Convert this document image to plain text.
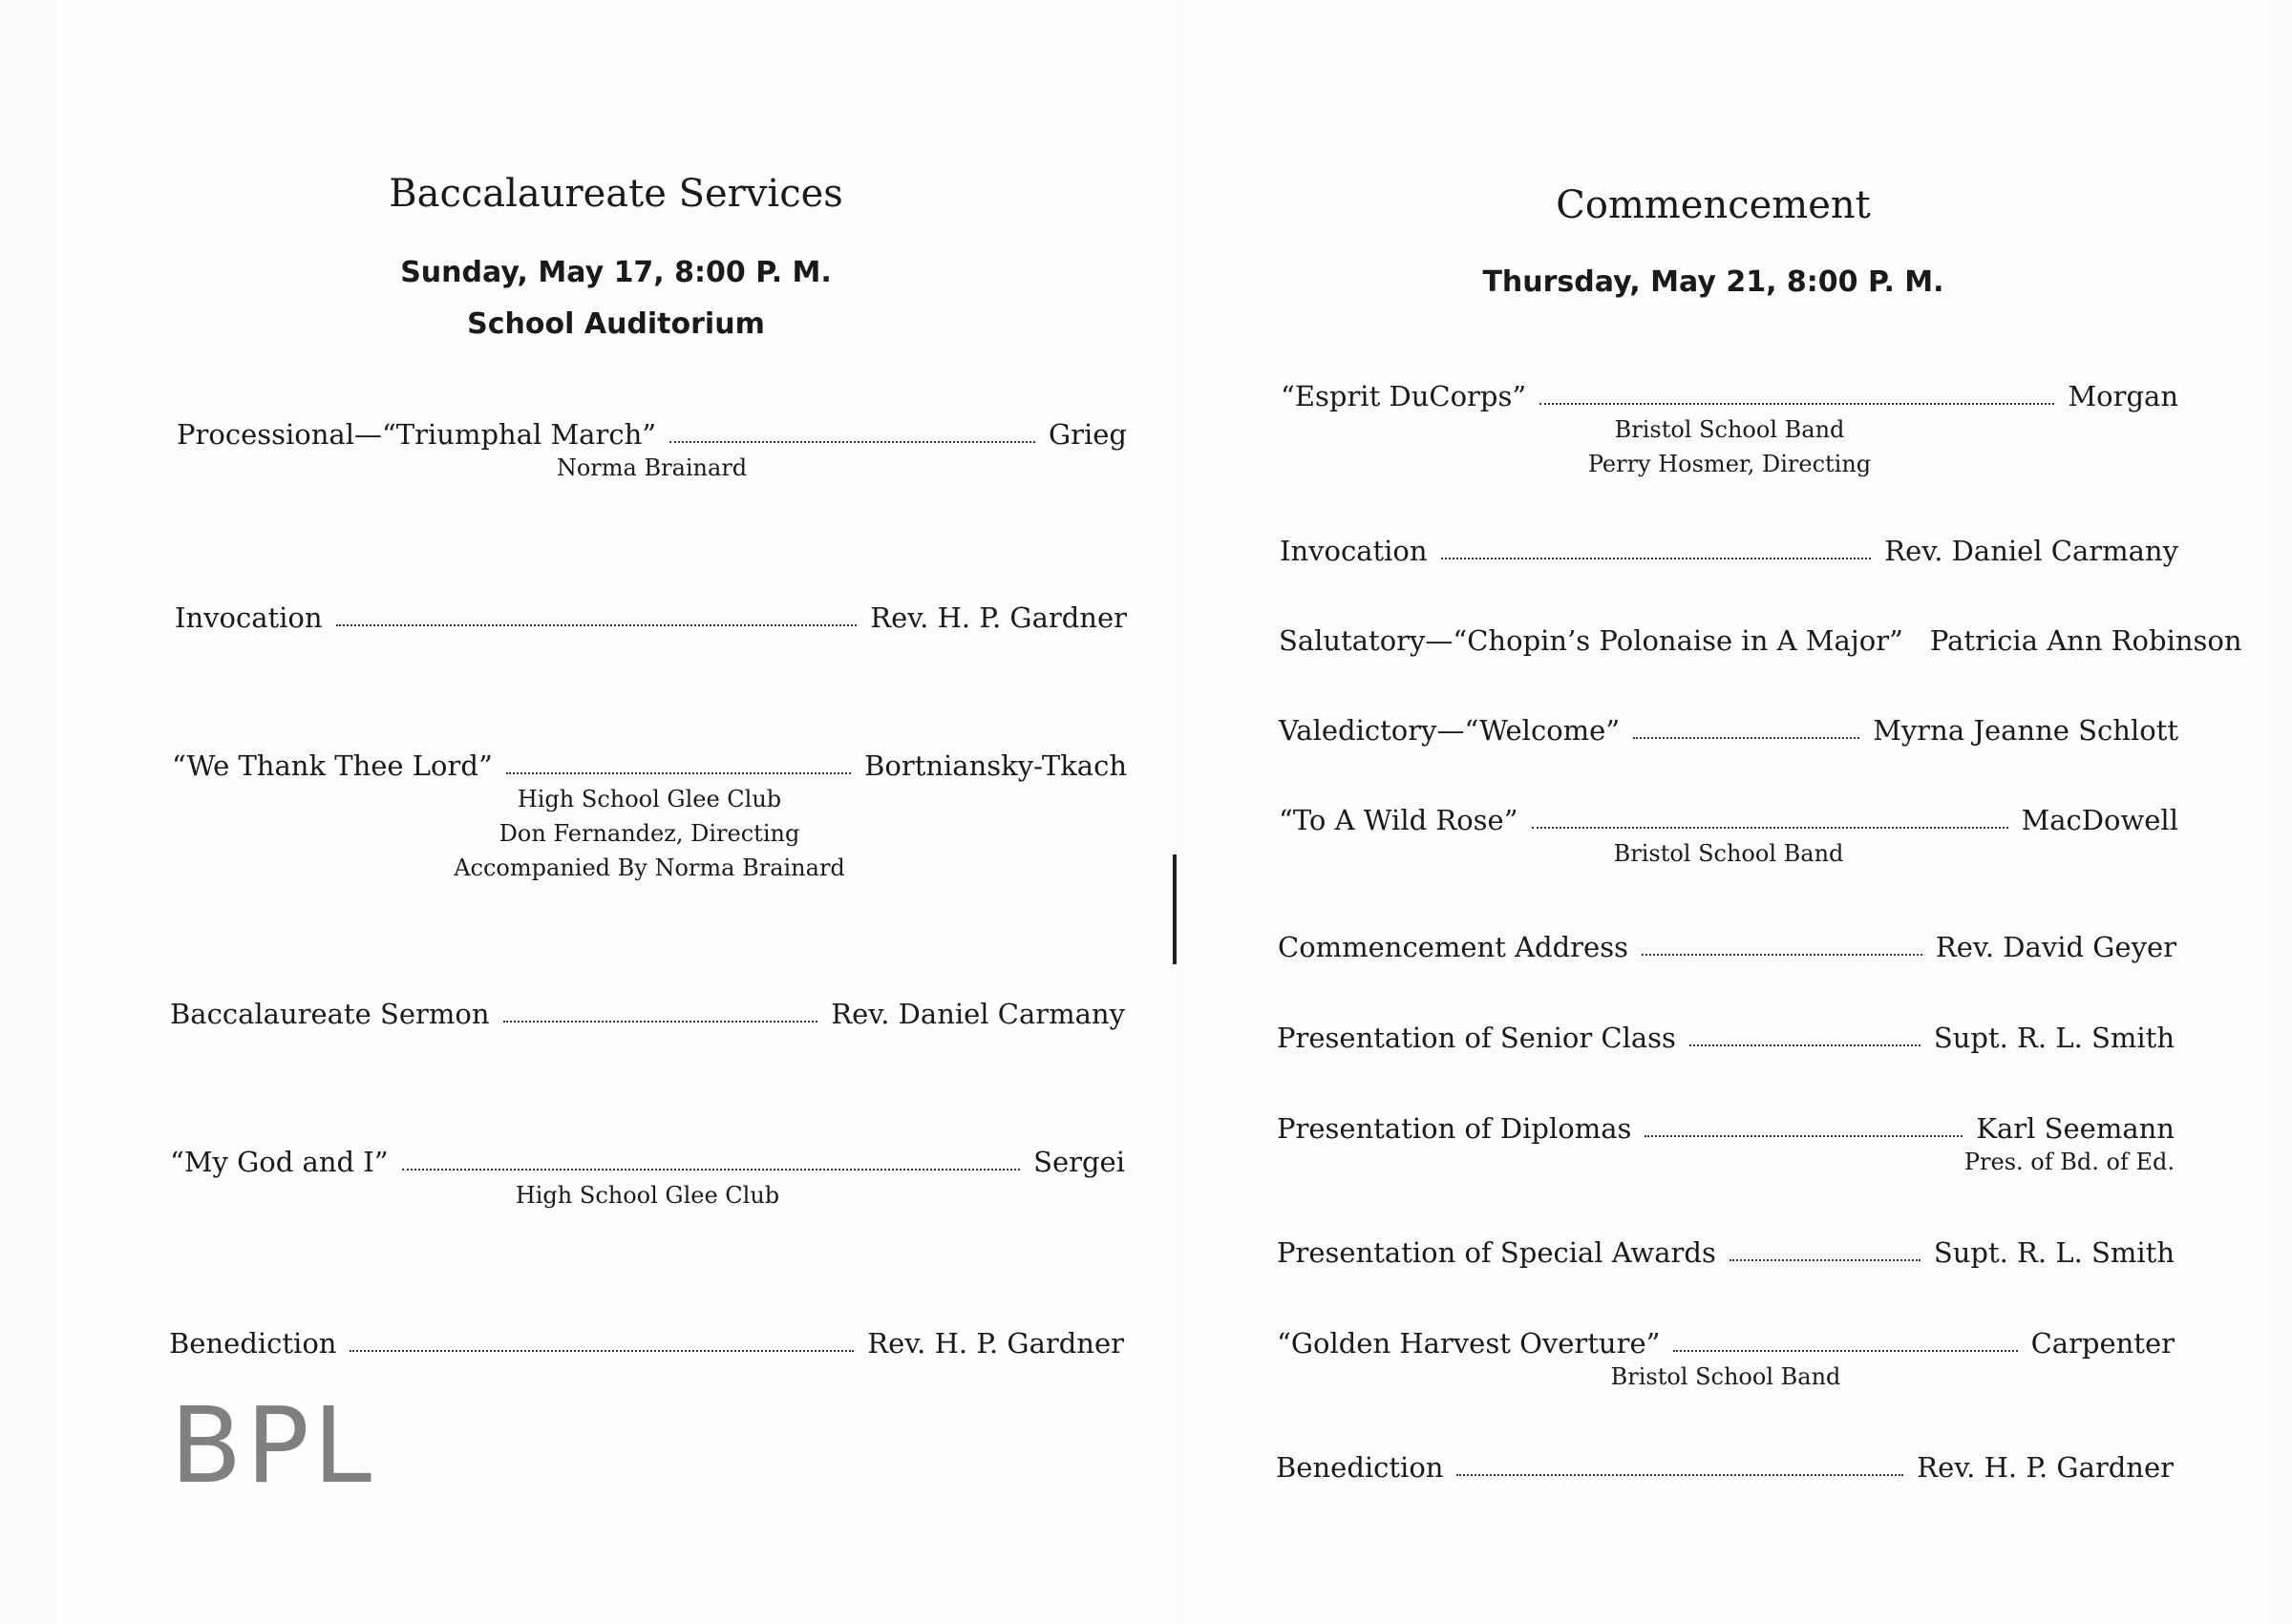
Baccalaureate Services
Sunday, May 17, 8:00 P. M.
School Auditorium
Processional—“Triumphal March”	Grieg
Norma Brainard
Invocation	Rev. H. P. Gardner
“We Thank Thee Lord”	Bortniansky-Tkach
High School Glee Club
Don Fernandez, Directing
Accompanied By Norma Brainard
Baccalaureate Sermon	Rev. Daniel Carmany
“My God and I”	Sergei
High School Glee Club
Benediction	Rev. H. P. Gardner
Commencement
Thursday, May 21, 8:00 P. M.
“Esprit DuCorps”	Morgan
Bristol School Band
Perry Hosmer, Directing
Invocation	Rev. Daniel Carmany
Salutatory—“Chopin’s Polonaise in A Major” Patricia Ann Robinson
Valedictory—“Welcome”	Myrna Jeanne Schlott
“To A Wild Rose”	MacDowell
Bristol School Band
Commencement Address	Rev. David Geyer
Presentation of Senior Class	Supt. R. L. Smith
Presentation of Diplomas	Karl Seemann
Pres. of Bd. of Ed.
Presentation of Special Awards	Supt. R. L. Smith
“Golden Harvest Overture”	Carpenter
Bristol School Band
Benediction	Rev. H. P. Gardner
BPL
